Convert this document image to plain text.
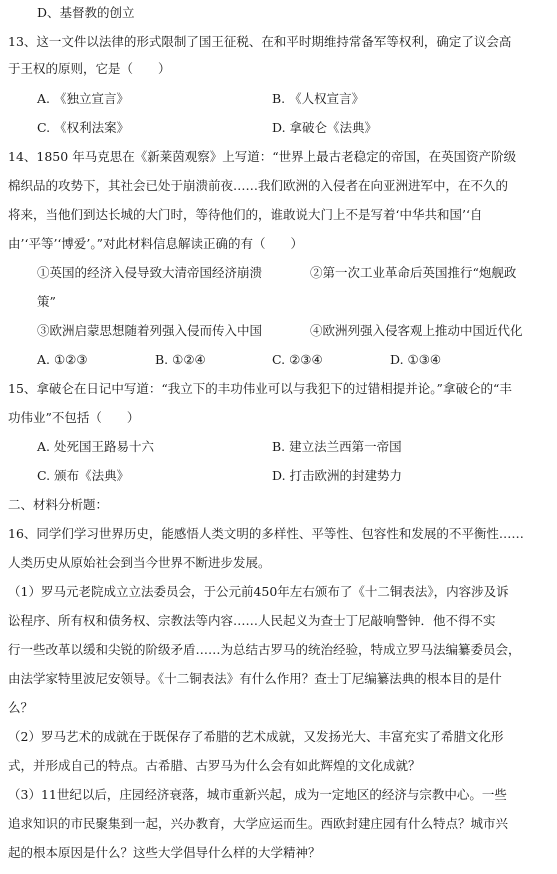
D、基督教的创立
13、这一文件以法律的形式限制了国王征税、在和平时期维持常备军等权利，确定了议会高
于王权的原则，它是（　　）
A. 《独立宣言》	B. 《人权宣言》
C. 《权利法案》	D. 拿破仑《法典》
14、1850 年马克思在《新莱茵观察》上写道：“世界上最古老稳定的帝国，在英国资产阶级
棉织品的攻势下，其社会已处于崩溃前夜……我们欧洲的入侵者在向亚洲进军中，在不久的
将来，当他们到达长城的大门时，等待他们的，谁敢说大门上不是写着‘中华共和国’‘自
由’‘平等’‘博爱’。”对此材料信息解读正确的有（　　）
①英国的经济入侵导致大清帝国经济崩溃	②第一次工业革命后英国推行“炮舰政
策”
③欧洲启蒙思想随着列强入侵而传入中国	④欧洲列强入侵客观上推动中国近代化
A. ①②③	B. ①②④	C. ②③④	D. ①③④
15、拿破仑在日记中写道：“我立下的丰功伟业可以与我犯下的过错相提并论。”拿破仑的“丰
功伟业”不包括（　　）
A. 处死国王路易十六	B. 建立法兰西第一帝国
C. 颁布《法典》	D. 打击欧洲的封建势力
二、材料分析题：
16、同学们学习世界历史，能感悟人类文明的多样性、平等性、包容性和发展的不平衡性……
人类历史从原始社会到当今世界不断进步发展。
（1）罗马元老院成立立法委员会，于公元前450年左右颁布了《十二铜表法》，内容涉及诉
讼程序、所有权和债务权、宗教法等内容……人民起义为查士丁尼敲响警钟．他不得不实
行一些改革以缓和尖锐的阶级矛盾……为总结古罗马的统治经验，特成立罗马法编纂委员会，
由法学家特里波尼安领导。《十二铜表法》有什么作用？查士丁尼编纂法典的根本目的是什
么？
（2）罗马艺术的成就在于既保存了希腊的艺术成就，又发扬光大、丰富充实了希腊文化形
式，并形成自己的特点。古希腊、古罗马为什么会有如此辉煌的文化成就？
（3）11世纪以后，庄园经济衰落，城市重新兴起，成为一定地区的经济与宗教中心。一些
追求知识的市民聚集到一起，兴办教育，大学应运而生。西欧封建庄园有什么特点？城市兴
起的根本原因是什么？这些大学倡导什么样的大学精神？
